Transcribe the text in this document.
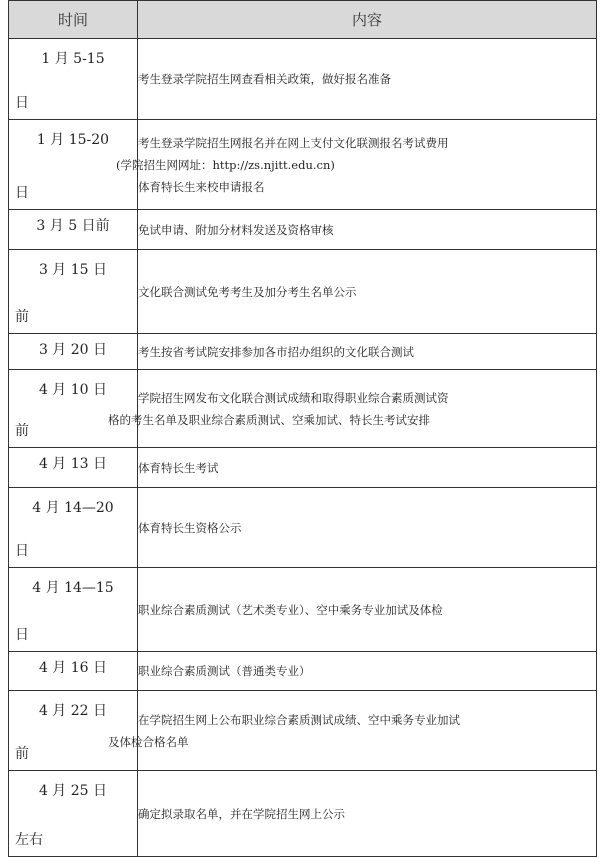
时间	内容

1 月 5-15
日	考生登录学院招生网查看相关政策，做好报名准备

1 月 15-20
日	考生登录学院招生网报名并在网上支付文化联测报名考试费用
(学院招生网网址：http://zs.njitt.edu.cn)
体育特长生来校申请报名

3 月 5 日前	免试申请、附加分材料发送及资格审核

3 月 15 日
前	文化联合测试免考考生及加分考生名单公示

3 月 20 日	考生按省考试院安排参加各市招办组织的文化联合测试

4 月 10 日
前	学院招生网发布文化联合测试成绩和取得职业综合素质测试资
格的考生名单及职业综合素质测试、空乘加试、特长生考试安排

4 月 13 日	体育特长生考试

4 月 14—20
日	体育特长生资格公示

4 月 14—15
日	职业综合素质测试（艺术类专业）、空中乘务专业加试及体检

4 月 16 日	职业综合素质测试（普通类专业）

4 月 22 日
前	在学院招生网上公布职业综合素质测试成绩、空中乘务专业加试
及体检合格名单

4 月 25 日
左右	确定拟录取名单，并在学院招生网上公示
